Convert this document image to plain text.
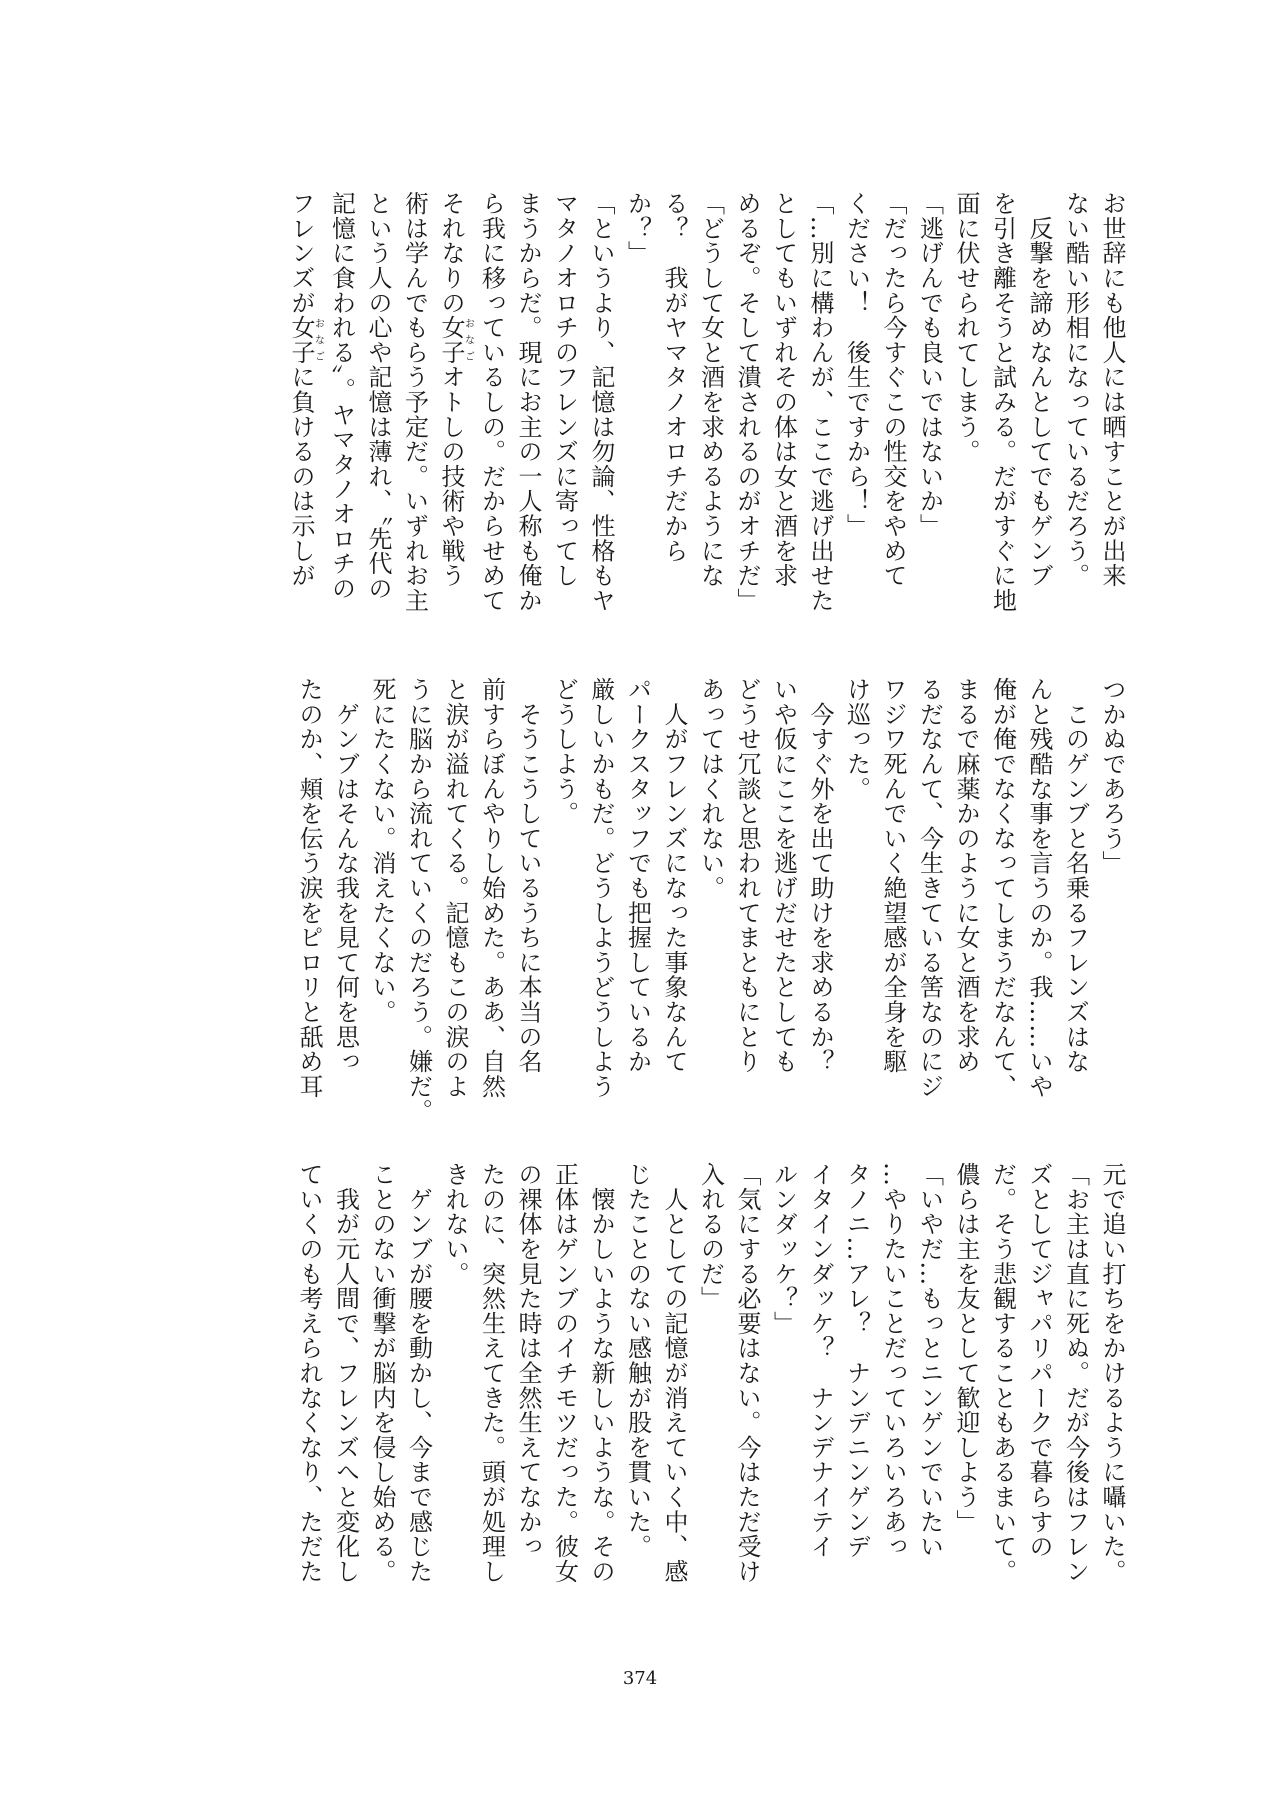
お世辞にも他人には晒すことが出来
ない酷い形相になっているだろう。
　反撃を諦めなんとしてでもゲンブ
を引き離そうと試みる。だがすぐに地
面に伏せられてしまう。
「逃げんでも良いではないか」
「だったら今すぐこの性交をやめて
ください！　後生ですから！」
「…別に構わんが、ここで逃げ出せた
としてもいずれその体は女と酒を求
めるぞ。そして潰されるのがオチだ」
「どうして女と酒を求めるようにな
る？　我がヤマタノオロチだから
か？」
「というより、記憶は勿論、性格もヤ
マタノオロチのフレンズに寄ってし
まうからだ。現にお主の一人称も俺か
ら我に移っているしの。だからせめて
それなりの女子おなごオトしの技術や戦う
術は学んでもらう予定だ。いずれお主
という人の心や記憶は薄れ、〝先代の
記憶に食われる〟。ヤマタノオロチの
フレンズが女子おなごに負けるのは示しが
つかぬであろう」
　このゲンブと名乗るフレンズはな
んと残酷な事を言うのか。我……いや
俺が俺でなくなってしまうだなんて、
まるで麻薬かのように女と酒を求め
るだなんて、今生きている筈なのにジ
ワジワ死んでいく絶望感が全身を駆
け巡った。
　今すぐ外を出て助けを求めるか？
いや仮にここを逃げだせたとしても
どうせ冗談と思われてまともにとり
あってはくれない。
　人がフレンズになった事象なんて
パークスタッフでも把握しているか
厳しいかもだ。どうしようどうしよう
どうしよう。
　そうこうしているうちに本当の名
前すらぼんやりし始めた。ああ、自然
と涙が溢れてくる。記憶もこの涙のよ
うに脳から流れていくのだろう。嫌だ。
死にたくない。消えたくない。
　ゲンブはそんな我を見て何を思っ
たのか、頬を伝う涙をピロリと舐め耳
元で追い打ちをかけるように囁いた。
「お主は直に死ぬ。だが今後はフレン
ズとしてジャパリパークで暮らすの
だ。そう悲観することもあるまいて。
儂らは主を友として歓迎しよう」
「いやだ…もっとニンゲンでいたい
…やりたいことだっていろいろあっ
タノニ…アレ？　ナンデニンゲンデ
イタインダッケ？　ナンデナイテイ
ルンダッケ？」
「気にする必要はない。今はただ受け
入れるのだ」
　人としての記憶が消えていく中、感
じたことのない感触が股を貫いた。
　懐かしいような新しいような。その
正体はゲンブのイチモツだった。彼女
の裸体を見た時は全然生えてなかっ
たのに、突然生えてきた。頭が処理し
きれない。
　ゲンブが腰を動かし、今まで感じた
ことのない衝撃が脳内を侵し始める。
　我が元人間で、フレンズへと変化し
ていくのも考えられなくなり、ただた
374
